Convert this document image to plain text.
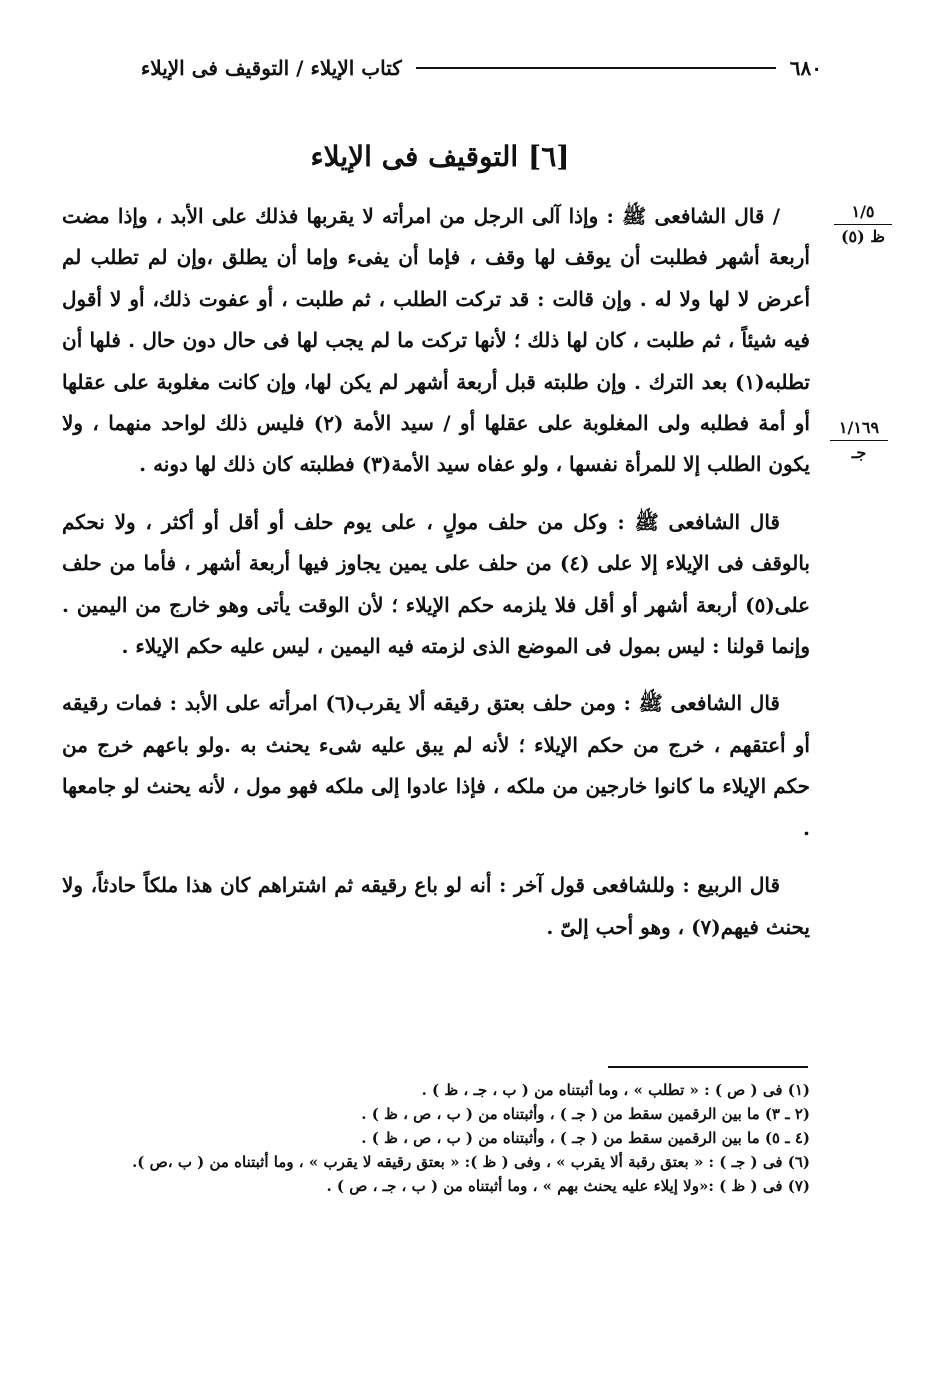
٦٨٠
كتاب الإيلاء / التوقيف فى الإيلاء
[٦] التوقيف فى الإيلاء
١/٥
ظ (٥)
١/١٦٩
جـ

/ قال الشافعى ﷺ : وإذا آلى الرجل من امرأته لا يقربها فذلك على الأبد ، وإذا مضت أربعة أشهر فطلبت أن يوقف لها وقف ، فإما أن يفىء وإما أن يطلق ،وإن لم تطلب لم أعرض لا لها ولا له . وإن قالت : قد تركت الطلب ، ثم طلبت ، أو عفوت ذلك، أو لا أقول فيه شيئاً ، ثم طلبت ، كان لها ذلك ؛ لأنها تركت ما لم يجب لها فى حال دون حال . فلها أن تطلبه(١) بعد الترك . وإن طلبته قبل أربعة أشهر لم يكن لها، وإن كانت مغلوبة على عقلها أو أمة فطلبه ولى المغلوبة على عقلها أو / سيد الأمة (٢) فليس ذلك لواحد منهما ، ولا يكون الطلب إلا للمرأة نفسها ، ولو عفاه سيد الأمة(٣) فطلبته كان ذلك لها دونه .

قال الشافعى ﷺ : وكل من حلف مولٍ ، على يوم حلف أو أقل أو أكثر ، ولا نحكم بالوقف فى الإيلاء إلا على (٤) من حلف على يمين يجاوز فيها أربعة أشهر ، فأما من حلف على(٥) أربعة أشهر أو أقل فلا يلزمه حكم الإيلاء ؛ لأن الوقت يأتى وهو خارج من اليمين . وإنما قولنا : ليس بمول فى الموضع الذى لزمته فيه اليمين ، ليس عليه حكم الإيلاء .

قال الشافعى ﷺ : ومن حلف بعتق رقيقه ألا يقرب(٦) امرأته على الأبد : فمات رقيقه أو أعتقهم ، خرج من حكم الإيلاء ؛ لأنه لم يبق عليه شىء يحنث به .ولو باعهم خرج من حكم الإيلاء ما كانوا خارجين من ملكه ، فإذا عادوا إلى ملكه فهو مول ، لأنه يحنث لو جامعها .

قال الربيع : وللشافعى قول آخر : أنه لو باع رقيقه ثم اشتراهم كان هذا ملكاً حادثاً، ولا يحنث فيهم(٧) ، وهو أحب إلىّ .

(١) فى ( ص ) : « تطلب » ، وما أثبتناه من ( ب ، جـ ، ظ ) .
(٢ ـ ٣) ما بين الرقمين سقط من ( جـ ) ، وأثبتناه من ( ب ، ص ، ظ ) .
(٤ ـ ٥) ما بين الرقمين سقط من ( جـ ) ، وأثبتناه من ( ب ، ص ، ظ ) .
(٦) فى ( جـ ) : « بعتق رقبة ألا يقرب » ، وفى ( ظ ): « بعتق رقيقه لا يقرب » ، وما أثبتناه من ( ب ،ص ).
(٧) فى ( ظ ) :«ولا إيلاء عليه يحنث بهم » ، وما أثبتناه من ( ب ، جـ ، ص ) .
